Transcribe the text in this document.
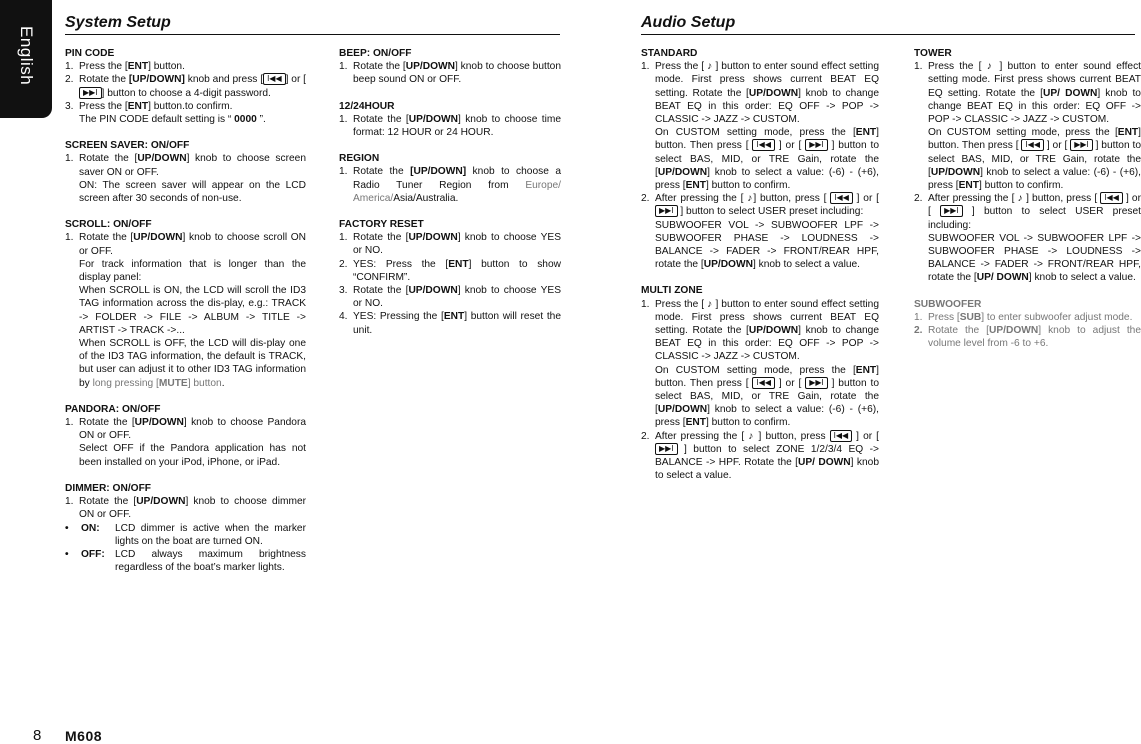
English
System Setup	Audio Setup
PIN CODE
1. Press the [ENT] button.
2. Rotate the [UP/DOWN] knob and press [ I◀◀ ] or [▶▶I ] button to choose a 4-digit password.
3. Press the [ENT] button.to confirm.
The PIN CODE default setting is “ 0000 ”.
SCREEN SAVER: ON/OFF
1. Rotate the [UP/DOWN] knob to choose screen saver ON or OFF.
ON: The screen saver will appear on the LCD screen after 30 seconds of non-use.
SCROLL: ON/OFF
1. Rotate the [UP/DOWN] knob to choose scroll ON or OFF.
For track information that is longer than the display panel:
When SCROLL is ON, the LCD will scroll the ID3 TAG information across the dis-play, e.g.: TRACK -> FOLDER -> FILE -> ALBUM -> TITLE -> ARTIST -> TRACK ->...
When SCROLL is OFF, the LCD will dis-play one of the ID3 TAG information, the default is TRACK, but user can adjust it to other ID3 TAG information by long pressing [MUTE] button.
PANDORA: ON/OFF
1. Rotate the [UP/DOWN] knob to choose Pandora ON or OFF.
Select OFF if the Pandora application has not been installed on your iPod, iPhone, or iPad.
DIMMER: ON/OFF
1. Rotate the [UP/DOWN] knob to choose dimmer ON or OFF.
•	ON:	LCD dimmer is active when the marker lights on the boat are turned ON.
•	OFF:	LCD always maximum brightness regardless of the boat’s marker lights.
BEEP: ON/OFF
1. Rotate the [UP/DOWN] knob to choose button beep sound ON or OFF.
12/24HOUR
1. Rotate the [UP/DOWN] knob to choose time format: 12 HOUR or 24 HOUR.
REGION
1. Rotate the [UP/DOWN] knob to choose a Radio Tuner Region from Europe/ America/Asia/Australia.
FACTORY RESET
1. Rotate the [UP/DOWN] knob to choose YES or NO.
2. YES: Press the [ENT] button to show “CONFIRM”.
3. Rotate the [UP/DOWN] knob to choose YES or NO.
4. YES: Pressing the [ENT] button will reset the unit.
STANDARD
1. Press the [ ♪ ] button to enter sound effect setting mode. First press shows current BEAT EQ setting. Rotate the [UP/DOWN] knob to change BEAT EQ in this order: EQ OFF -> POP -> CLASSIC -> JAZZ -> CUSTOM.
On CUSTOM setting mode, press the [ENT] button. Then press [ I◀◀ ] or [ ▶▶I ] button to select BAS, MID, or TRE Gain, rotate the [UP/DOWN] knob to select a value: (-6) - (+6), press [ENT] button to confirm.
2. After pressing the [ ♪] button, press [ I◀◀ ] or [ ▶▶I ] button to select USER preset including:
SUBWOOFER VOL -> SUBWOOFER LPF -> SUBWOOFER PHASE -> LOUDNESS -> BALANCE -> FADER -> FRONT/REAR HPF, rotate the [UP/DOWN] knob to select a value.
MULTI ZONE
1. Press the [ ♪ ] button to enter sound effect setting mode. First press shows current BEAT EQ setting. Rotate the [UP/DOWN] knob to change BEAT EQ in this order: EQ OFF -> POP -> CLASSIC -> JAZZ -> CUSTOM.
On CUSTOM setting mode, press the [ENT] button. Then press [ I◀◀ ] or [ ▶▶I ] button to select BAS, MID, or TRE Gain, rotate the [UP/DOWN] knob to select a value: (-6) - (+6), press [ENT] button to confirm.
2. After pressing the [ ♪ ] button, press I◀◀ ] or [ ▶▶I ] button to select ZONE 1/2/3/4 EQ -> BALANCE -> HPF. Rotate the [UP/ DOWN] knob to select a value.
TOWER
1. Press the [ ♪ ] button to enter sound effect setting mode. First press shows current BEAT EQ setting. Rotate the [UP/ DOWN] knob to change BEAT EQ in this order: EQ OFF -> POP -> CLASSIC -> JAZZ -> CUSTOM.
On CUSTOM setting mode, press the [ENT] button. Then press [ I◀◀ ] or [ ▶▶I ] button to select BAS, MID, or TRE Gain, rotate the [UP/DOWN] knob to select a value: (-6) - (+6), press [ENT] button to confirm.
2. After pressing the [ ♪ ] button, press [ I◀◀ ] or [ ▶▶I ] button to select USER preset including:
SUBWOOFER VOL -> SUBWOOFER LPF -> SUBWOOFER PHASE -> LOUDNESS -> BALANCE -> FADER -> FRONT/REAR HPF, rotate the [UP/ DOWN] knob to select a value.
SUBWOOFER
1. Press [SUB] to enter subwoofer adjust mode.
2. Rotate the [UP/DOWN] knob to adjust the volume level from -6 to +6.
8 M608
